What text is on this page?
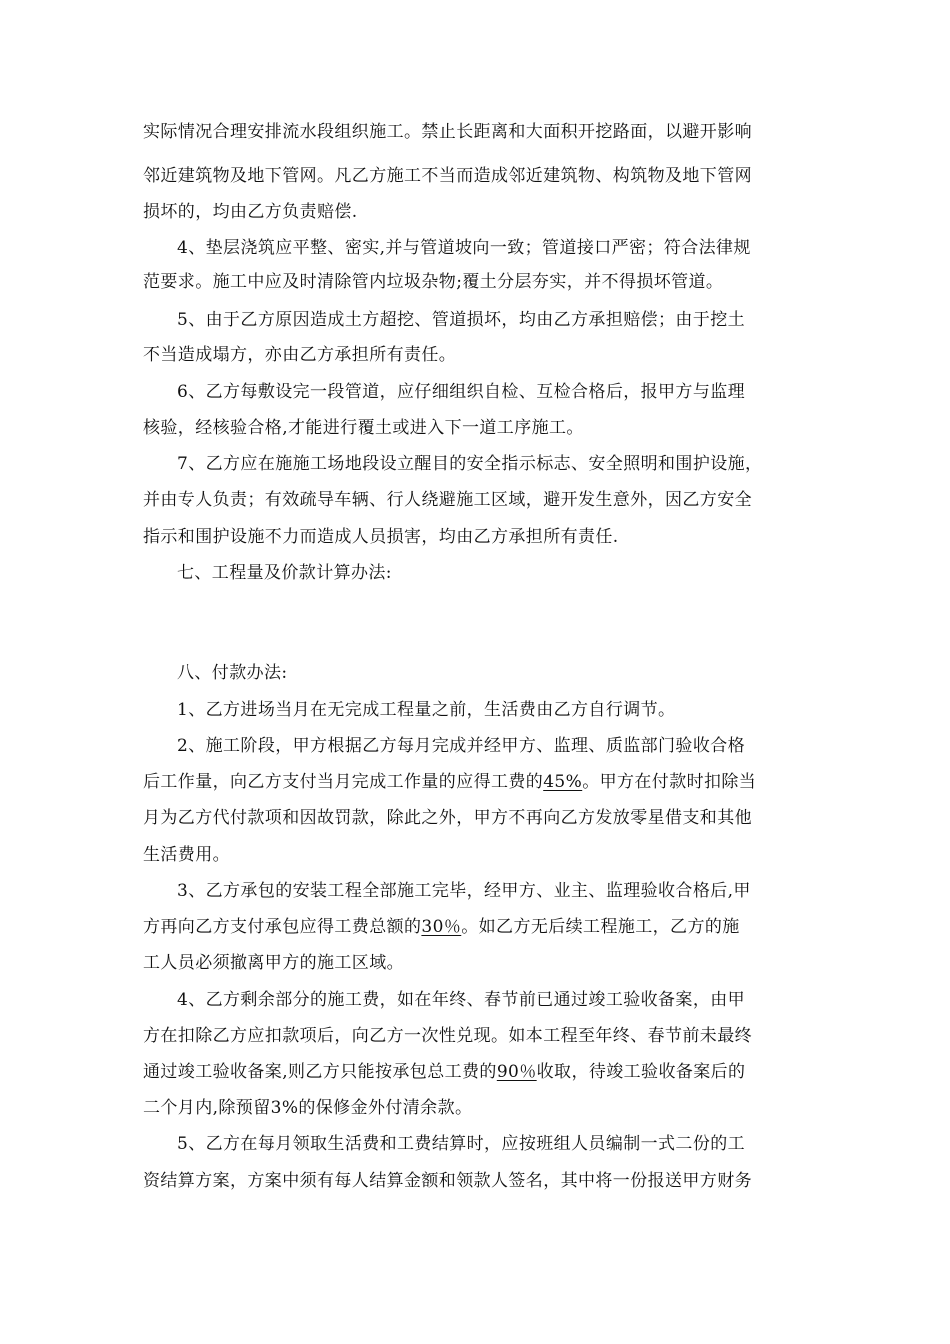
实际情况合理安排流水段组织施工。禁止长距离和大面积开挖路面，以避开影响
邻近建筑物及地下管网。凡乙方施工不当而造成邻近建筑物、构筑物及地下管网
损坏的，均由乙方负责赔偿.
4、垫层浇筑应平整、密实,并与管道坡向一致；管道接口严密；符合法律规
范要求。施工中应及时清除管内垃圾杂物;覆土分层夯实，并不得损坏管道。
5、由于乙方原因造成土方超挖、管道损坏，均由乙方承担赔偿；由于挖土
不当造成塌方，亦由乙方承担所有责任。
6、乙方每敷设完一段管道，应仔细组织自检、互检合格后，报甲方与监理
核验，经核验合格,才能进行覆土或进入下一道工序施工。
7、乙方应在施施工场地段设立醒目的安全指示标志、安全照明和围护设施，
并由专人负责；有效疏导车辆、行人绕避施工区域，避开发生意外，因乙方安全
指示和围护设施不力而造成人员损害，均由乙方承担所有责任.
七、工程量及价款计算办法:
八、付款办法:
1、乙方进场当月在无完成工程量之前，生活费由乙方自行调节。
2、施工阶段，甲方根据乙方每月完成并经甲方、监理、质监部门验收合格
后工作量，向乙方支付当月完成工作量的应得工费的45%。甲方在付款时扣除当
月为乙方代付款项和因故罚款，除此之外，甲方不再向乙方发放零星借支和其他
生活费用。
3、乙方承包的安装工程全部施工完毕，经甲方、业主、监理验收合格后,甲
方再向乙方支付承包应得工费总额的30％。如乙方无后续工程施工，乙方的施
工人员必须撤离甲方的施工区域。
4、乙方剩余部分的施工费，如在年终、春节前已通过竣工验收备案，由甲
方在扣除乙方应扣款项后，向乙方一次性兑现。如本工程至年终、春节前未最终
通过竣工验收备案,则乙方只能按承包总工费的90％收取，待竣工验收备案后的
二个月内,除预留3%的保修金外付清余款。
5、乙方在每月领取生活费和工费结算时，应按班组人员编制一式二份的工
资结算方案，方案中须有每人结算金额和领款人签名，其中将一份报送甲方财务
